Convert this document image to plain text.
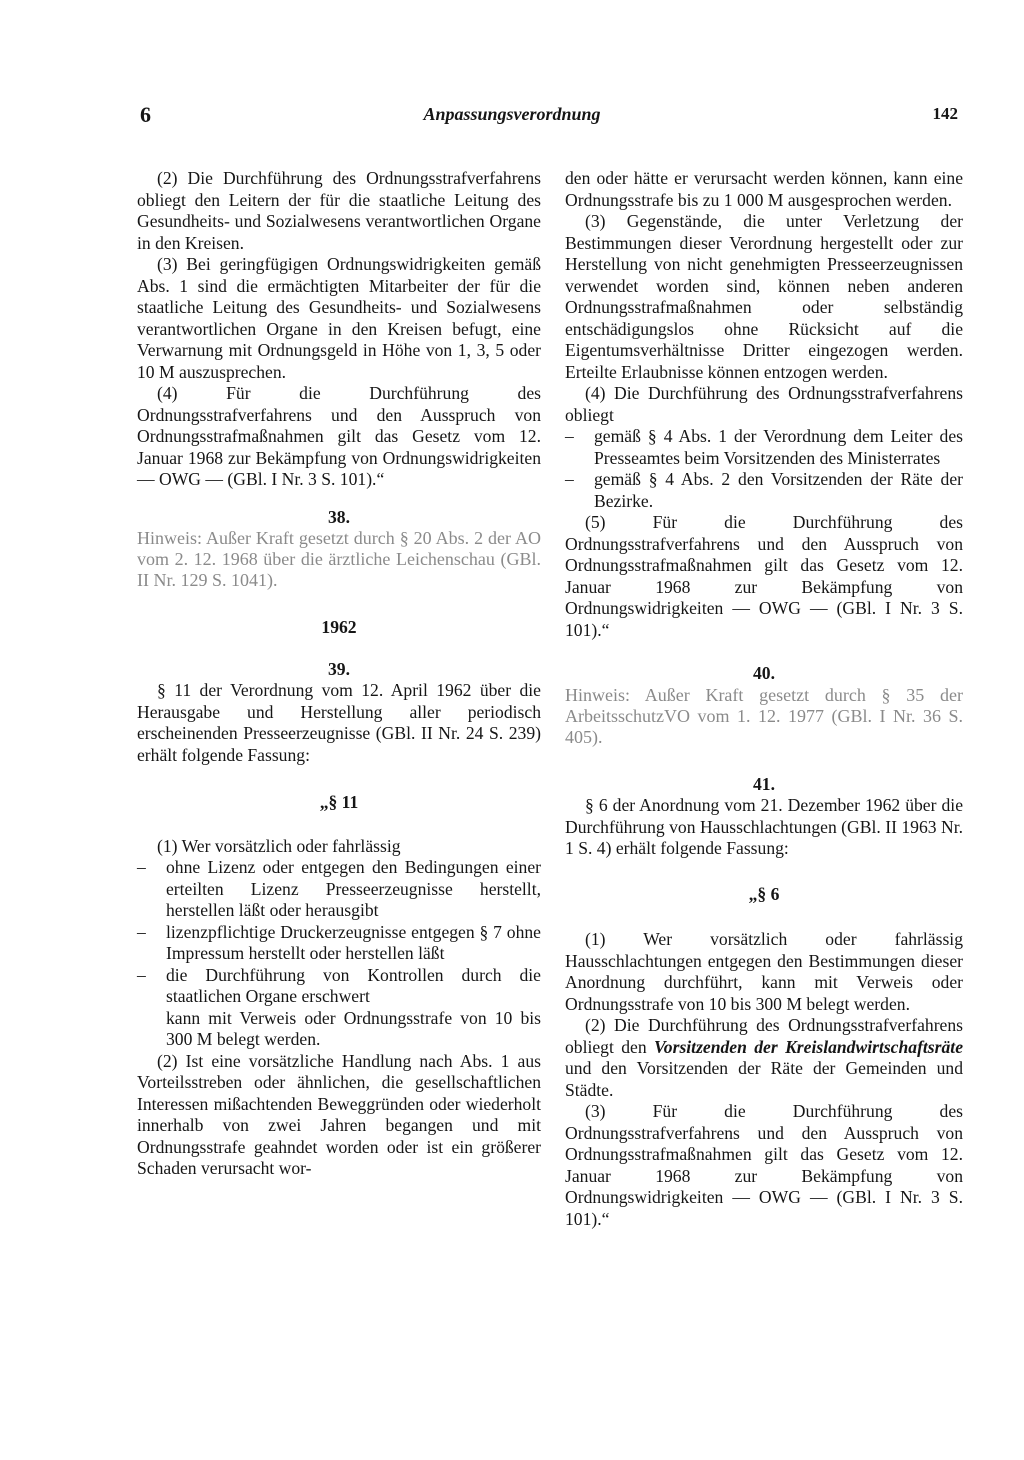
6	Anpassungsverordnung	142

(2) Die Durchführung des Ordnungsstrafverfahrens obliegt den Leitern der für die staatliche Leitung des Gesundheits- und Sozialwesens verantwortlichen Organe in den Kreisen.

(3) Bei geringfügigen Ordnungswidrigkeiten gemäß Abs. 1 sind die ermächtigten Mitarbeiter der für die staatliche Leitung des Gesundheits- und Sozialwesens verantwortlichen Organe in den Kreisen befugt, eine Verwarnung mit Ordnungsgeld in Höhe von 1, 3, 5 oder 10 M auszusprechen.

(4) Für die Durchführung des Ordnungsstrafverfahrens und den Ausspruch von Ordnungsstrafmaßnahmen gilt das Gesetz vom 12. Januar 1968 zur Bekämpfung von Ordnungswidrigkeiten — OWG — (GBl. I Nr. 3 S. 101).“

38.

Hinweis: Außer Kraft gesetzt durch § 20 Abs. 2 der AO vom 2. 12. 1968 über die ärztliche Leichenschau (GBl. II Nr. 129 S. 1041).

1962

39.

§ 11 der Verordnung vom 12. April 1962 über die Herausgabe und Herstellung aller periodisch erscheinenden Presseerzeugnisse (GBl. II Nr. 24 S. 239) erhält folgende Fassung:

„§ 11

(1) Wer vorsätzlich oder fahrlässig

–	ohne Lizenz oder entgegen den Bedingungen einer erteilten Lizenz Presseerzeugnisse herstellt, herstellen läßt oder herausgibt
–	lizenzpflichtige Druckerzeugnisse entgegen § 7 ohne Impressum herstellt oder herstellen läßt
–	die Durchführung von Kontrollen durch die staatlichen Organe erschwert

kann mit Verweis oder Ordnungsstrafe von 10 bis 300 M belegt werden.

(2) Ist eine vorsätzliche Handlung nach Abs. 1 aus Vorteilsstreben oder ähnlichen, die gesellschaftlichen Interessen mißachtenden Beweggründen oder wiederholt innerhalb von zwei Jahren begangen und mit Ordnungsstrafe geahndet worden oder ist ein größerer Schaden verursacht wor-

den oder hätte er verursacht werden können, kann eine Ordnungsstrafe bis zu 1 000 M ausgesprochen werden.

(3) Gegenstände, die unter Verletzung der Bestimmungen dieser Verordnung hergestellt oder zur Herstellung von nicht genehmigten Presseerzeugnissen verwendet worden sind, können neben anderen Ordnungsstrafmaßnahmen oder selbständig entschädigungslos ohne Rücksicht auf die Eigentumsverhältnisse Dritter eingezogen werden. Erteilte Erlaubnisse können entzogen werden.

(4) Die Durchführung des Ordnungsstrafverfahrens obliegt

–	gemäß § 4 Abs. 1 der Verordnung dem Leiter des Presseamtes beim Vorsitzenden des Ministerrates
–	gemäß § 4 Abs. 2 den Vorsitzenden der Räte der Bezirke.

(5) Für die Durchführung des Ordnungsstrafverfahrens und den Ausspruch von Ordnungsstrafmaßnahmen gilt das Gesetz vom 12. Januar 1968 zur Bekämpfung von Ordnungswidrigkeiten — OWG — (GBl. I Nr. 3 S. 101).“

40.

Hinweis: Außer Kraft gesetzt durch § 35 der ArbeitsschutzVO vom 1. 12. 1977 (GBl. I Nr. 36 S. 405).

41.

§ 6 der Anordnung vom 21. Dezember 1962 über die Durchführung von Hausschlachtungen (GBl. II 1963 Nr. 1 S. 4) erhält folgende Fassung:

„§ 6

(1) Wer vorsätzlich oder fahrlässig Hausschlachtungen entgegen den Bestimmungen dieser Anordnung durchführt, kann mit Verweis oder Ordnungsstrafe von 10 bis 300 M belegt werden.

(2) Die Durchführung des Ordnungsstrafverfahrens obliegt den Vorsitzenden der Kreislandwirtschaftsräte und den Vorsitzenden der Räte der Gemeinden und Städte.

(3) Für die Durchführung des Ordnungsstrafverfahrens und den Ausspruch von Ordnungsstrafmaßnahmen gilt das Gesetz vom 12. Januar 1968 zur Bekämpfung von Ordnungswidrigkeiten — OWG — (GBl. I Nr. 3 S. 101).“
